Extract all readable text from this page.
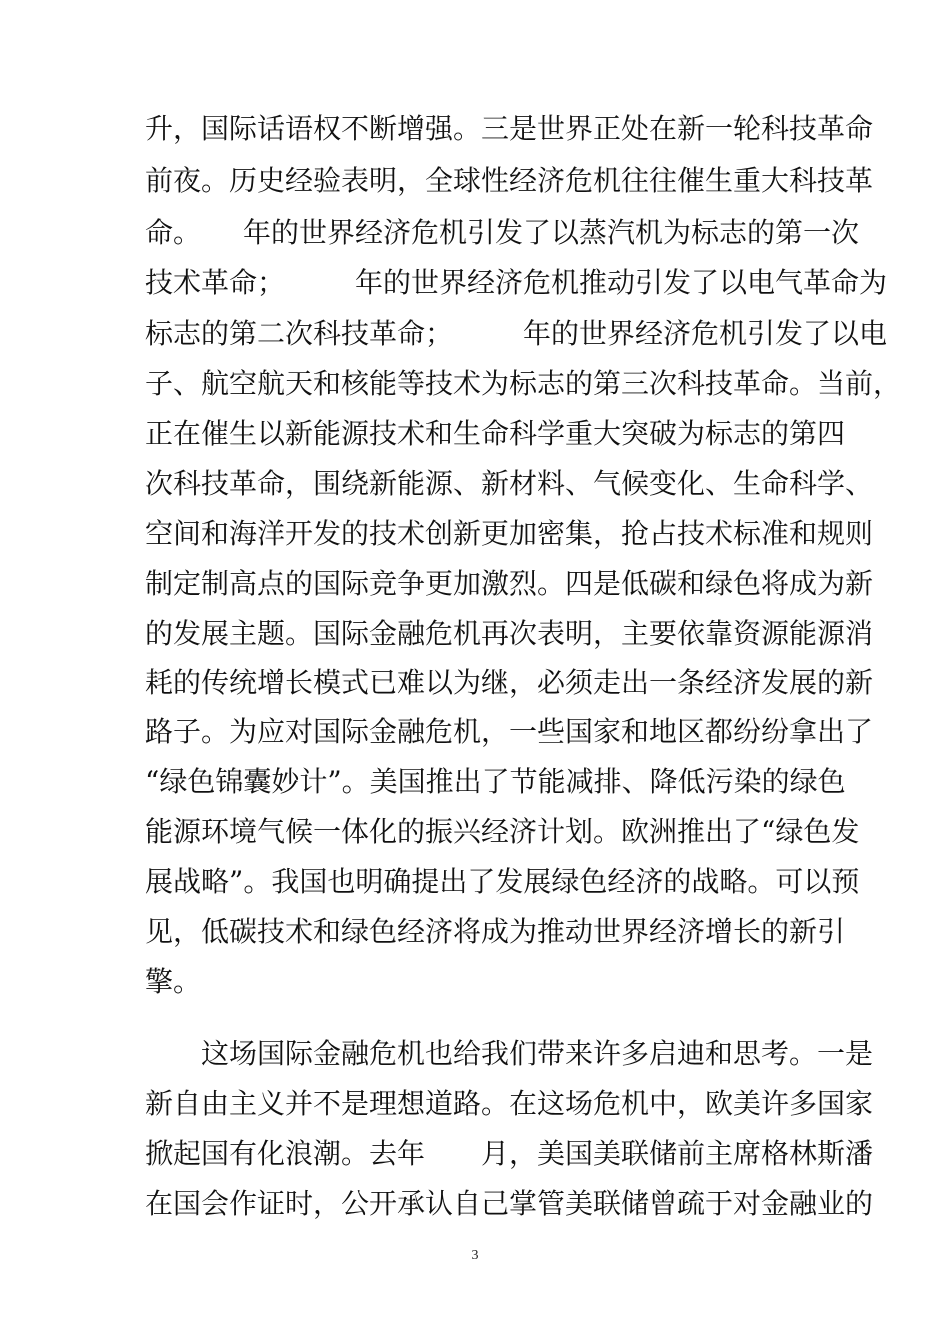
升，国际话语权不断增强。三是世界正处在新一轮科技革命
前夜。历史经验表明，全球性经济危机往往催生重大科技革
命。　　年的世界经济危机引发了以蒸汽机为标志的第一次
技术革命；　　　年的世界经济危机推动引发了以电气革命为
标志的第二次科技革命；　　　年的世界经济危机引发了以电
子、航空航天和核能等技术为标志的第三次科技革命。当前，
正在催生以新能源技术和生命科学重大突破为标志的第四
次科技革命，围绕新能源、新材料、气候变化、生命科学、
空间和海洋开发的技术创新更加密集，抢占技术标准和规则
制定制高点的国际竞争更加激烈。四是低碳和绿色将成为新
的发展主题。国际金融危机再次表明，主要依靠资源能源消
耗的传统增长模式已难以为继，必须走出一条经济发展的新
路子。为应对国际金融危机，一些国家和地区都纷纷拿出了
“绿色锦囊妙计”。美国推出了节能减排、降低污染的绿色
能源环境气候一体化的振兴经济计划。欧洲推出了“绿色发
展战略”。我国也明确提出了发展绿色经济的战略。可以预
见，低碳技术和绿色经济将成为推动世界经济增长的新引
擎。
　　这场国际金融危机也给我们带来许多启迪和思考。一是
新自由主义并不是理想道路。在这场危机中，欧美许多国家
掀起国有化浪潮。去年　　月，美国美联储前主席格林斯潘
在国会作证时，公开承认自己掌管美联储曾疏于对金融业的
3
